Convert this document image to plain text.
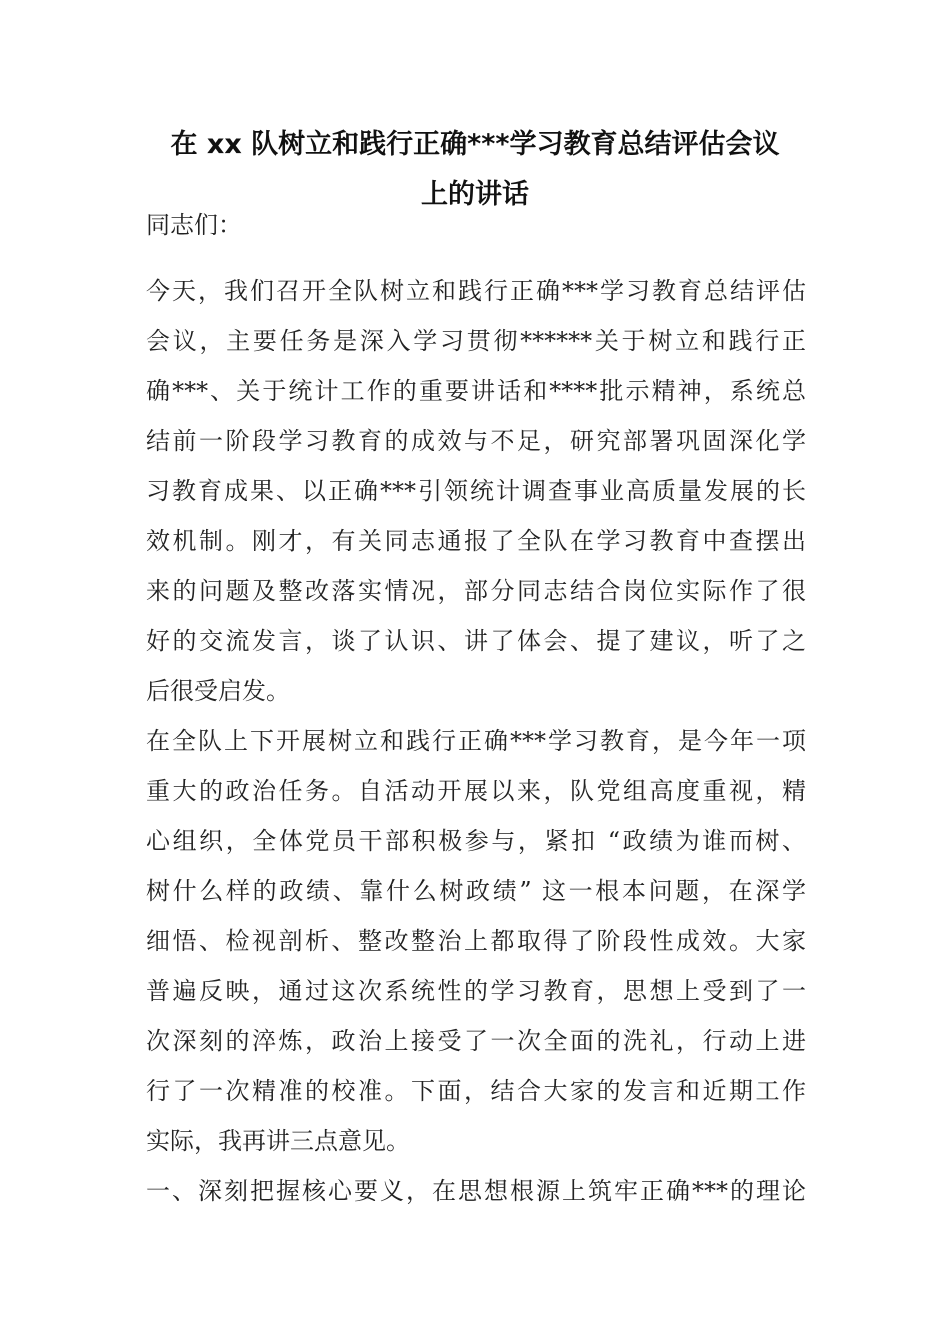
在 xx 队树立和践行正确***学习教育总结评估会议
上的讲话
同志们：
今天，我们召开全队树立和践行正确***学习教育总结评估
会议，主要任务是深入学习贯彻******关于树立和践行正
确***、关于统计工作的重要讲话和****批示精神，系统总
结前一阶段学习教育的成效与不足，研究部署巩固深化学
习教育成果、以正确***引领统计调查事业高质量发展的长
效机制。刚才，有关同志通报了全队在学习教育中查摆出
来的问题及整改落实情况，部分同志结合岗位实际作了很
好的交流发言，谈了认识、讲了体会、提了建议，听了之
后很受启发。
在全队上下开展树立和践行正确***学习教育，是今年一项
重大的政治任务。自活动开展以来，队党组高度重视，精
心组织，全体党员干部积极参与，紧扣 “政绩为谁而树、
树什么样的政绩、靠什么树政绩” 这一根本问题，在深学
细悟、检视剖析、整改整治上都取得了阶段性成效。大家
普遍反映，通过这次系统性的学习教育，思想上受到了一
次深刻的淬炼，政治上接受了一次全面的洗礼，行动上进
行了一次精准的校准。下面，结合大家的发言和近期工作
实际，我再讲三点意见。
一、深刻把握核心要义，在思想根源上筑牢正确***的理论
